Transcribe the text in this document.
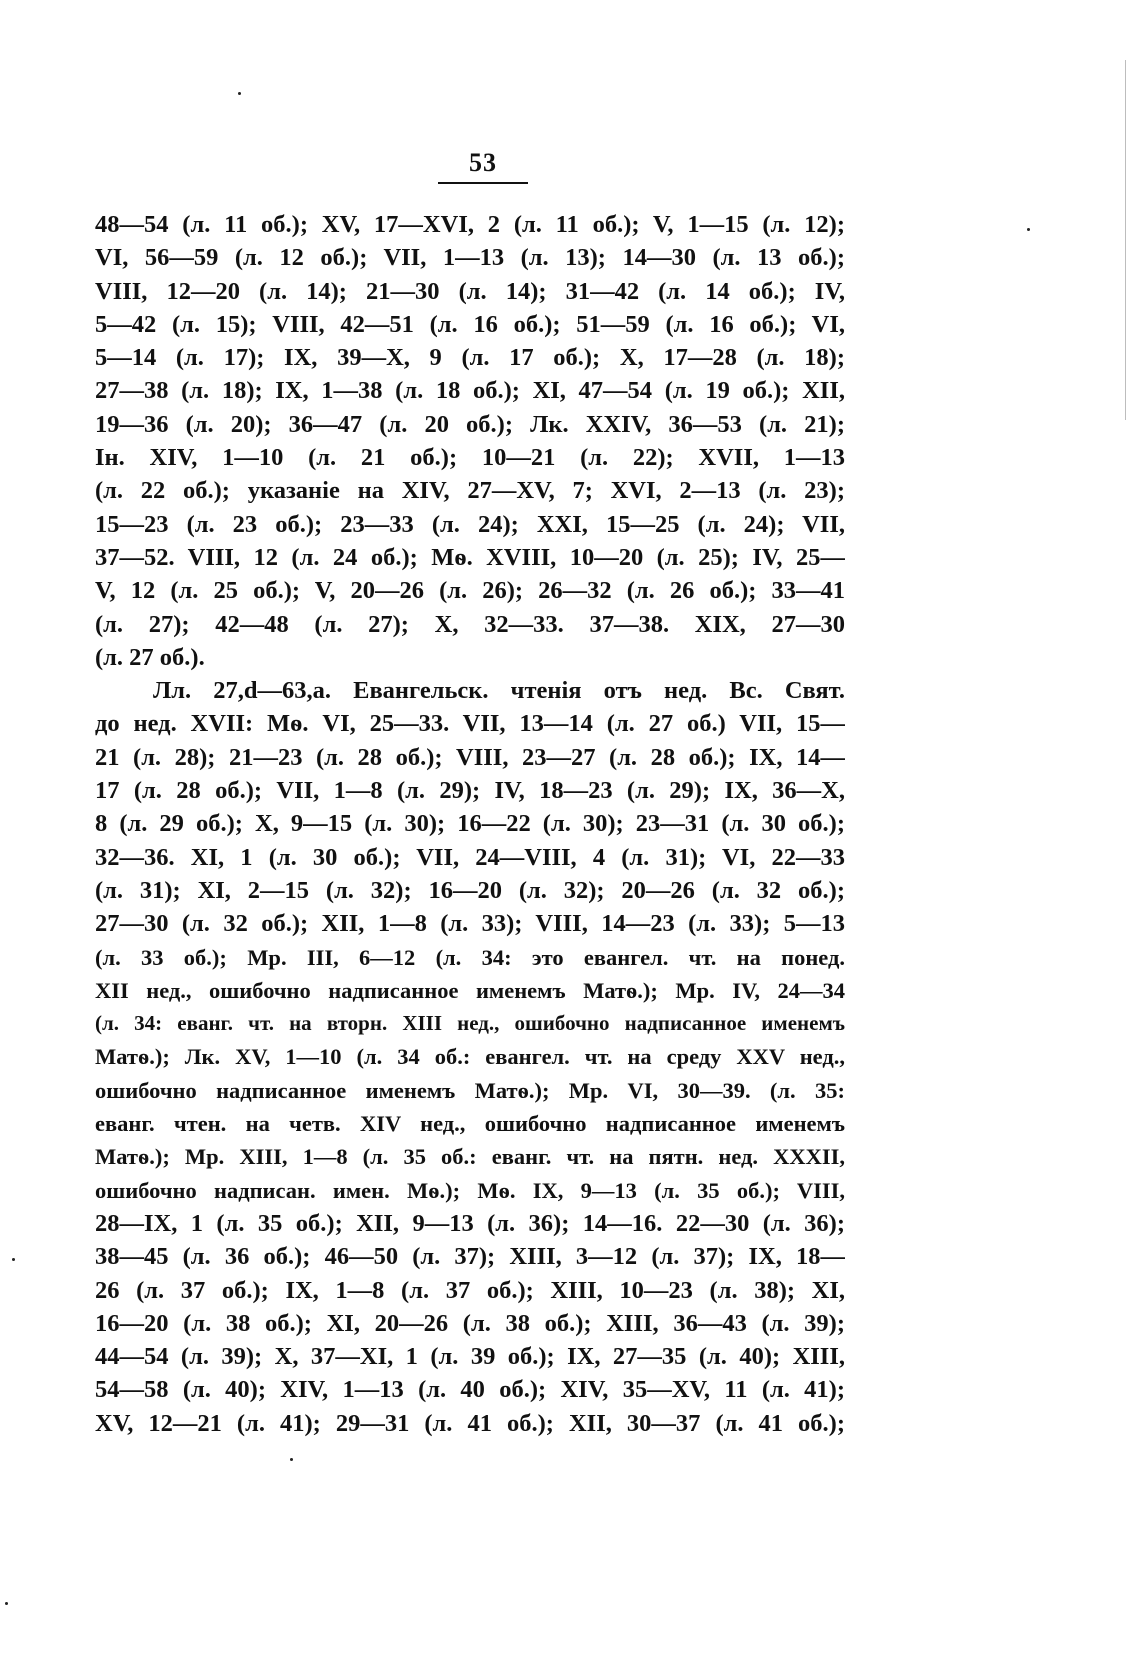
53
48—54 (л. 11 об.); XV, 17—XVI, 2 (л. 11 об.); V, 1—15 (л. 12);
VI, 56—59 (л. 12 об.); VII, 1—13 (л. 13); 14—30 (л. 13 об.);
VIII, 12—20 (л. 14); 21—30 (л. 14); 31—42 (л. 14 об.); IV,
5—42 (л. 15); VIII, 42—51 (л. 16 об.); 51—59 (л. 16 об.); VI,
5—14 (л. 17); IX, 39—X, 9 (л. 17 об.); X, 17—28 (л. 18);
27—38 (л. 18); IX, 1—38 (л. 18 об.); XI, 47—54 (л. 19 об.); XII,
19—36 (л. 20); 36—47 (л. 20 об.); Лк. XXIV, 36—53 (л. 21);
Ін. XIV, 1—10 (л. 21 об.); 10—21 (л. 22); XVII, 1—13
(л. 22 об.); указаніе на XIV, 27—XV, 7; XVI, 2—13 (л. 23);
15—23 (л. 23 об.); 23—33 (л. 24); XXI, 15—25 (л. 24); VII,
37—52. VIII, 12 (л. 24 об.); Мѳ. XVIII, 10—20 (л. 25); IV, 25—
V, 12 (л. 25 об.); V, 20—26 (л. 26); 26—32 (л. 26 об.); 33—41
(л. 27); 42—48 (л. 27); X, 32—33. 37—38. XIX, 27—30
(л. 27 об.).
Лл. 27,d—63,a. Евангельск. чтенія отъ нед. Вс. Свят.
до нед. XVII: Мѳ. VI, 25—33. VII, 13—14 (л. 27 об.) VII, 15—
21 (л. 28); 21—23 (л. 28 об.); VIII, 23—27 (л. 28 об.); IX, 14—
17 (л. 28 об.); VII, 1—8 (л. 29); IV, 18—23 (л. 29); IX, 36—X,
8 (л. 29 об.); X, 9—15 (л. 30); 16—22 (л. 30); 23—31 (л. 30 об.);
32—36. XI, 1 (л. 30 об.); VII, 24—VIII, 4 (л. 31); VI, 22—33
(л. 31); XI, 2—15 (л. 32); 16—20 (л. 32); 20—26 (л. 32 об.);
27—30 (л. 32 об.); XII, 1—8 (л. 33); VIII, 14—23 (л. 33); 5—13
(л. 33 об.); Мр. III, 6—12 (л. 34: это евангел. чт. на понед.
XII нед., ошибочно надписанное именемъ Матѳ.); Мр. IV, 24—34
(л. 34: еванг. чт. на вторн. XIII нед., ошибочно надписанное именемъ
Матѳ.); Лк. XV, 1—10 (л. 34 об.: евангел. чт. на среду XXV нед.,
ошибочно надписанное именемъ Матѳ.); Мр. VI, 30—39. (л. 35:
еванг. чтен. на четв. XIV нед., ошибочно надписанное именемъ
Матѳ.); Мр. XIII, 1—8 (л. 35 об.: еванг. чт. на пятн. нед. XXXII,
ошибочно надписан. имен. Мѳ.); Мѳ. IX, 9—13 (л. 35 об.); VIII,
28—IX, 1 (л. 35 об.); XII, 9—13 (л. 36); 14—16. 22—30 (л. 36);
38—45 (л. 36 об.); 46—50 (л. 37); XIII, 3—12 (л. 37); IX, 18—
26 (л. 37 об.); IX, 1—8 (л. 37 об.); XIII, 10—23 (л. 38); XI,
16—20 (л. 38 об.); XI, 20—26 (л. 38 об.); XIII, 36—43 (л. 39);
44—54 (л. 39); X, 37—XI, 1 (л. 39 об.); IX, 27—35 (л. 40); XIII,
54—58 (л. 40); XIV, 1—13 (л. 40 об.); XIV, 35—XV, 11 (л. 41);
XV, 12—21 (л. 41); 29—31 (л. 41 об.); XII, 30—37 (л. 41 об.);
